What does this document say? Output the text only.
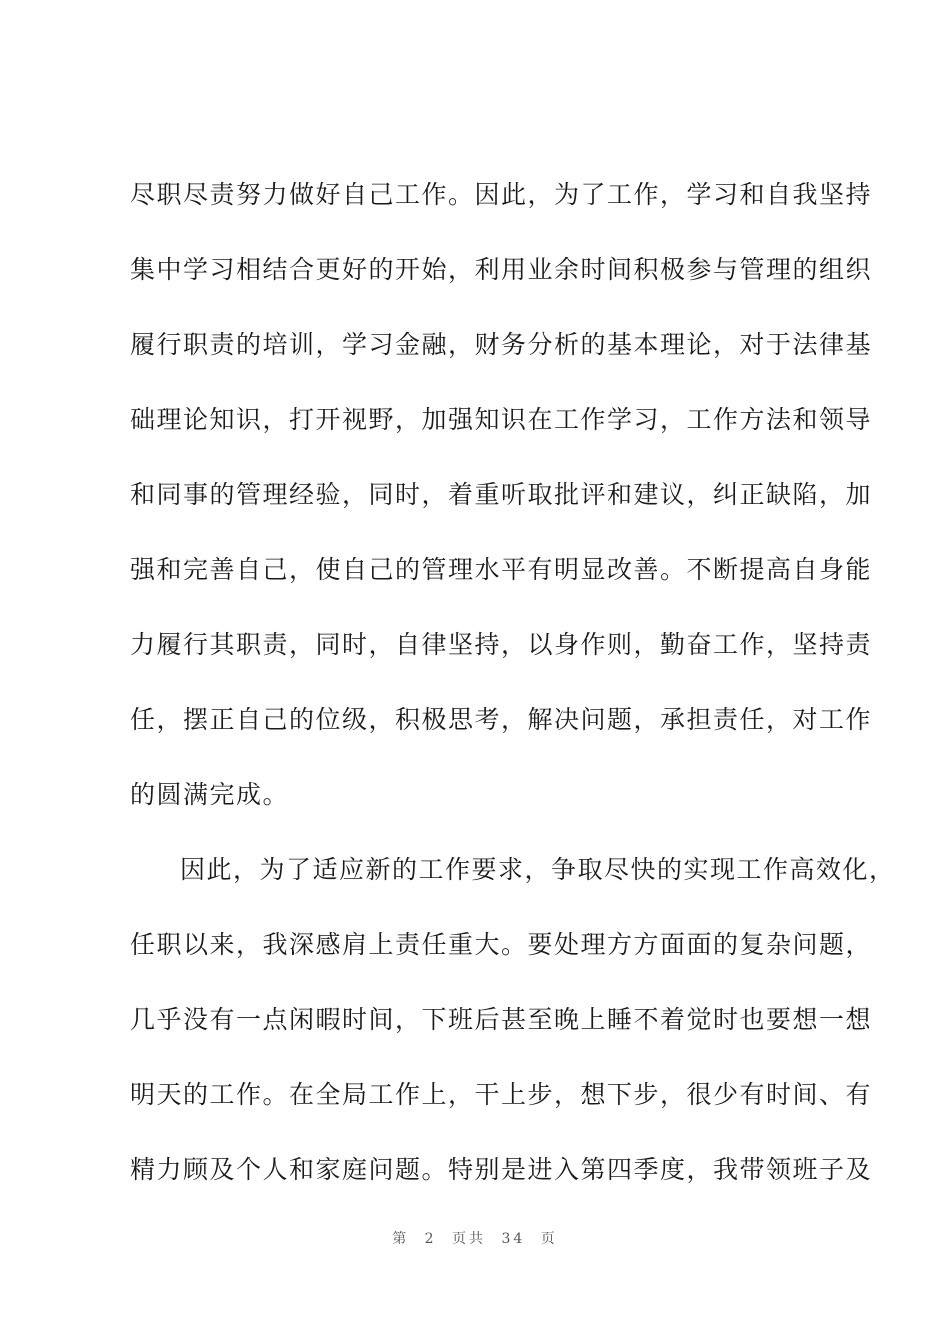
尽职尽责努力做好自己工作。因此，为了工作，学习和自我坚持
集中学习相结合更好的开始，利用业余时间积极参与管理的组织
履行职责的培训，学习金融，财务分析的基本理论，对于法律基
础理论知识，打开视野，加强知识在工作学习，工作方法和领导
和同事的管理经验，同时，着重听取批评和建议，纠正缺陷，加
强和完善自己，使自己的管理水平有明显改善。不断提高自身能
力履行其职责，同时，自律坚持，以身作则，勤奋工作，坚持责
任，摆正自己的位级，积极思考，解决问题，承担责任，对工作
的圆满完成。
因此，为了适应新的工作要求，争取尽快的实现工作高效化，
任职以来，我深感肩上责任重大。要处理方方面面的复杂问题，
几乎没有一点闲暇时间，下班后甚至晚上睡不着觉时也要想一想
明天的工作。在全局工作上，干上步，想下步，很少有时间、有
精力顾及个人和家庭问题。特别是进入第四季度，我带领班子及
第 2 页共 34 页
